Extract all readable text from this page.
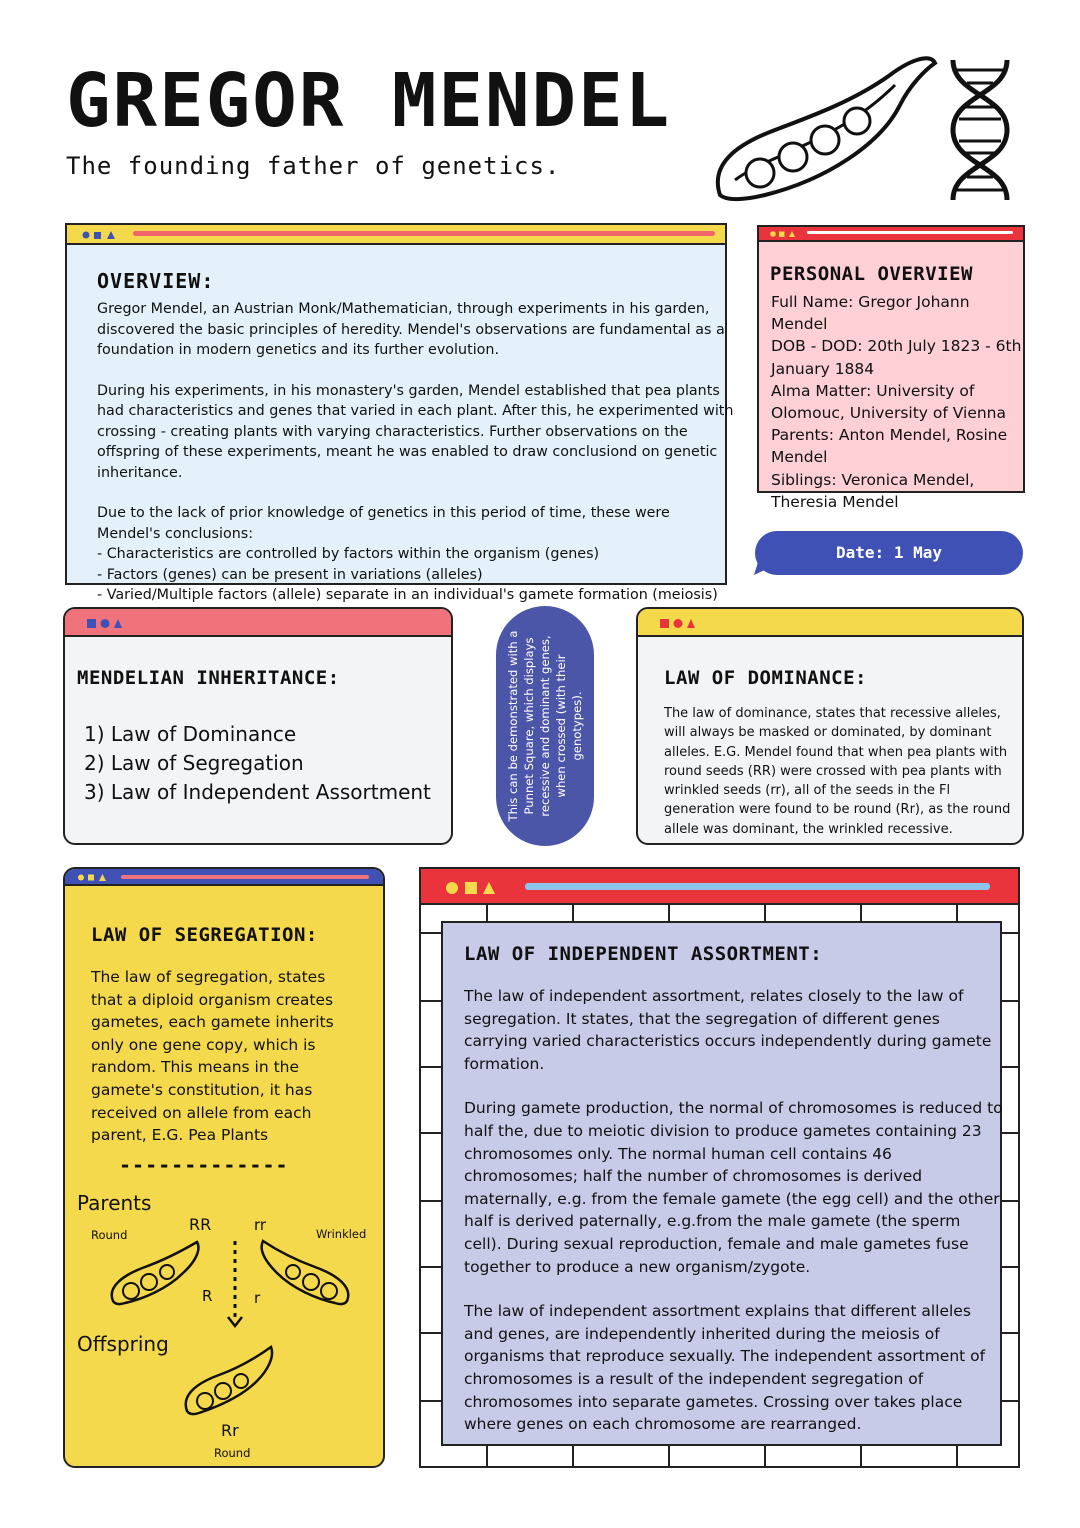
GREGOR MENDEL
The founding father of genetics.
OVERVIEW:

Gregor Mendel, an Austrian Monk/Mathematician, through experiments in his garden, discovered the basic principles of heredity. Mendel's observations are fundamental as a foundation in modern genetics and its further evolution.

During his experiments, in his monastery's garden, Mendel established that pea plants had characteristics and genes that varied in each plant. After this, he experimented with crossing - creating plants with varying characteristics. Further observations on the offspring of these experiments, meant he was enabled to draw conclusiond on genetic inheritance.

Due to the lack of prior knowledge of genetics in this period of time, these were Mendel's conclusions:

- Characteristics are controlled by factors within the organism (genes)

- Factors (genes) can be present in variations (alleles)

- Varied/Multiple factors (allele) separate in an individual's gamete formation (meiosis)

PERSONAL OVERVIEW
Full Name: Gregor Johann
Mendel
DOB - DOD: 20th July 1823 - 6th
January 1884
Alma Matter: University of
Olomouc, University of Vienna
Parents: Anton Mendel, Rosine
Mendel
Siblings: Veronica Mendel,
Theresia Mendel
Date: 1 May
MENDELIAN INHERITANCE:
1) Law of Dominance
2) Law of Segregation
3) Law of Independent Assortment	This can be demonstrated with a Punnet Square, which displays recessive and dominant genes, when crossed (with their genotypes).
LAW OF DOMINANCE:
The law of dominance, states that recessive alleles,
will always be masked or dominated, by dominant
alleles. E.G. Mendel found that when pea plants with
round seeds (RR) were crossed with pea plants with
wrinkled seeds (rr), all of the seeds in the Fl
generation were found to be round (Rr), as the round
allele was dominant, the wrinkled recessive.
LAW OF SEGREGATION:
The law of segregation, states
that a diploid organism creates
gametes, each gamete inherits
only one gene copy, which is
random. This means in the
gamete's constitution, it has
received on allele from each
parent, E.G. Pea Plants
-------------
Parents
Round
RR	rr	Wrinkled
R	r
Offspring
Rr
Round
LAW OF INDEPENDENT ASSORTMENT:
The law of independent assortment, relates closely to the law of
segregation. It states, that the segregation of different genes
carrying varied characteristics occurs independently during gamete
formation.
During gamete production, the normal of chromosomes is reduced to
half the, due to meiotic division to produce gametes containing 23
chromosomes only. The normal human cell contains 46
chromosomes; half the number of chromosomes is derived
maternally, e.g. from the female gamete (the egg cell) and the other
half is derived paternally, e.g.from the male gamete (the sperm
cell). During sexual reproduction, female and male gametes fuse
together to produce a new organism/zygote.
The law of independent assortment explains that different alleles
and genes, are independently inherited during the meiosis of
organisms that reproduce sexually. The independent assortment of
chromosomes is a result of the independent segregation of
chromosomes into separate gametes. Crossing over takes place
where genes on each chromosome are rearranged.
